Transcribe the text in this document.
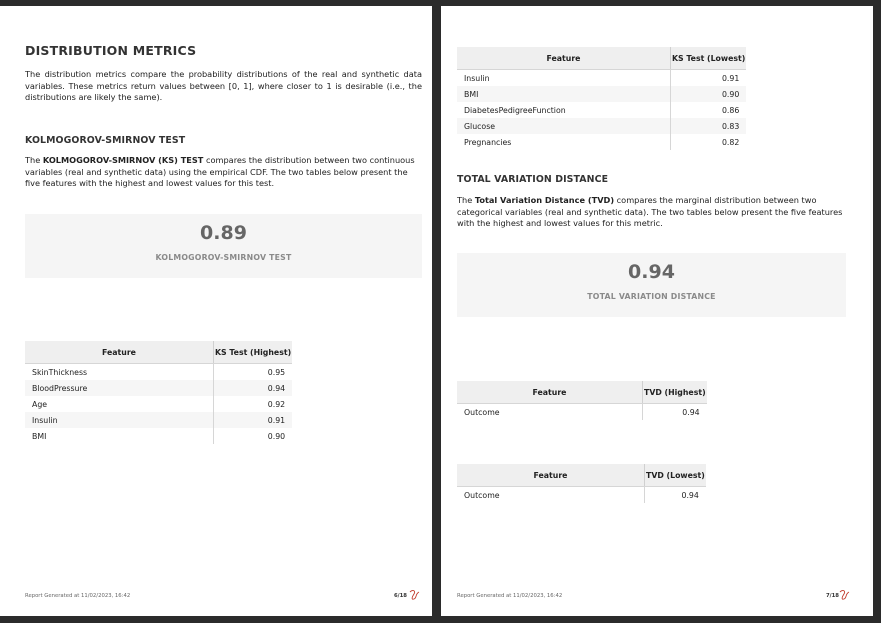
DISTRIBUTION METRICS
The distribution metrics compare the probability distributions of the real and synthetic data variables. These metrics return values between [0, 1], where closer to 1 is desirable (i.e., the distributions are likely the same).
KOLMOGOROV-SMIRNOV TEST
The KOLMOGOROV-SMIRNOV (KS) TEST compares the distribution between two continuous variables (real and synthetic data) using the empirical CDF. The two tables below present the five features with the highest and lowest values for this test.
0.89
KOLMOGOROV-SMIRNOV TEST
Feature	KS Test (Highest)
SkinThickness	0.95
BloodPressure	0.94
Age	0.92
Insulin	0.91
BMI	0.90
Report Generated at 11/02/2023, 16:42	6/18
Feature	KS Test (Lowest)
Insulin	0.91
BMI	0.90
DiabetesPedigreeFunction	0.86
Glucose	0.83
Pregnancies	0.82
TOTAL VARIATION DISTANCE
The Total Variation Distance (TVD) compares the marginal distribution between two categorical variables (real and synthetic data). The two tables below present the five features with the highest and lowest values for this metric.
0.94
TOTAL VARIATION DISTANCE
Feature	TVD (Highest)
Outcome	0.94
Feature	TVD (Lowest)
Outcome	0.94
Report Generated at 11/02/2023, 16:42	7/18
